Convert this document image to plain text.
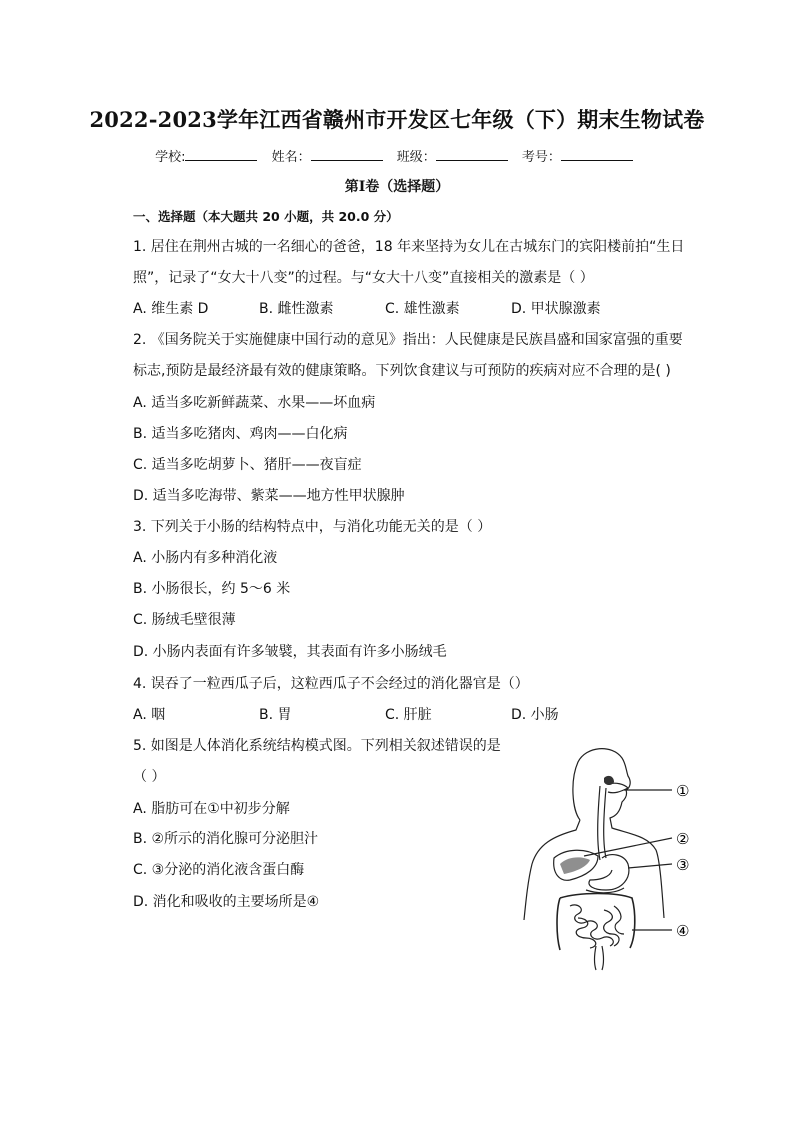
2022-2023学年江西省赣州市开发区七年级（下）期末生物试卷
学校:	姓名：	班级：	考号：
第I卷（选择题）
一、选择题（本大题共 20 小题，共 20.0 分）
1. 居住在荆州古城的一名细心的爸爸，18 年来坚持为女儿在古城东门的宾阳楼前拍“生日
照”，记录了“女大十八变”的过程。与“女大十八变”直接相关的激素是（ ）
A. 维生素 D	B. 雌性激素	C. 雄性激素	D. 甲状腺激素
2. 《国务院关于实施健康中国行动的意见》指出：人民健康是民族昌盛和国家富强的重要
标志,预防是最经济最有效的健康策略。下列饮食建议与可预防的疾病对应不合理的是( )
A. 适当多吃新鲜蔬菜、水果——坏血病
B. 适当多吃猪肉、鸡肉——白化病
C. 适当多吃胡萝卜、猪肝——夜盲症
D. 适当多吃海带、紫菜——地方性甲状腺肿
3. 下列关于小肠的结构特点中，与消化功能无关的是（ ）
A. 小肠内有多种消化液
B. 小肠很长，约 5～6 米
C. 肠绒毛壁很薄
D. 小肠内表面有许多皱襞，其表面有许多小肠绒毛
4. 误吞了一粒西瓜子后，这粒西瓜子不会经过的消化器官是（）
A. 咽	B. 胃	C. 肝脏	D. 小肠
5. 如图是人体消化系统结构模式图。下列相关叙述错误的是
（ ）
A. 脂肪可在①中初步分解
B. ②所示的消化腺可分泌胆汁
C. ③分泌的消化液含蛋白酶
D. 消化和吸收的主要场所是④
①
②
③
④
